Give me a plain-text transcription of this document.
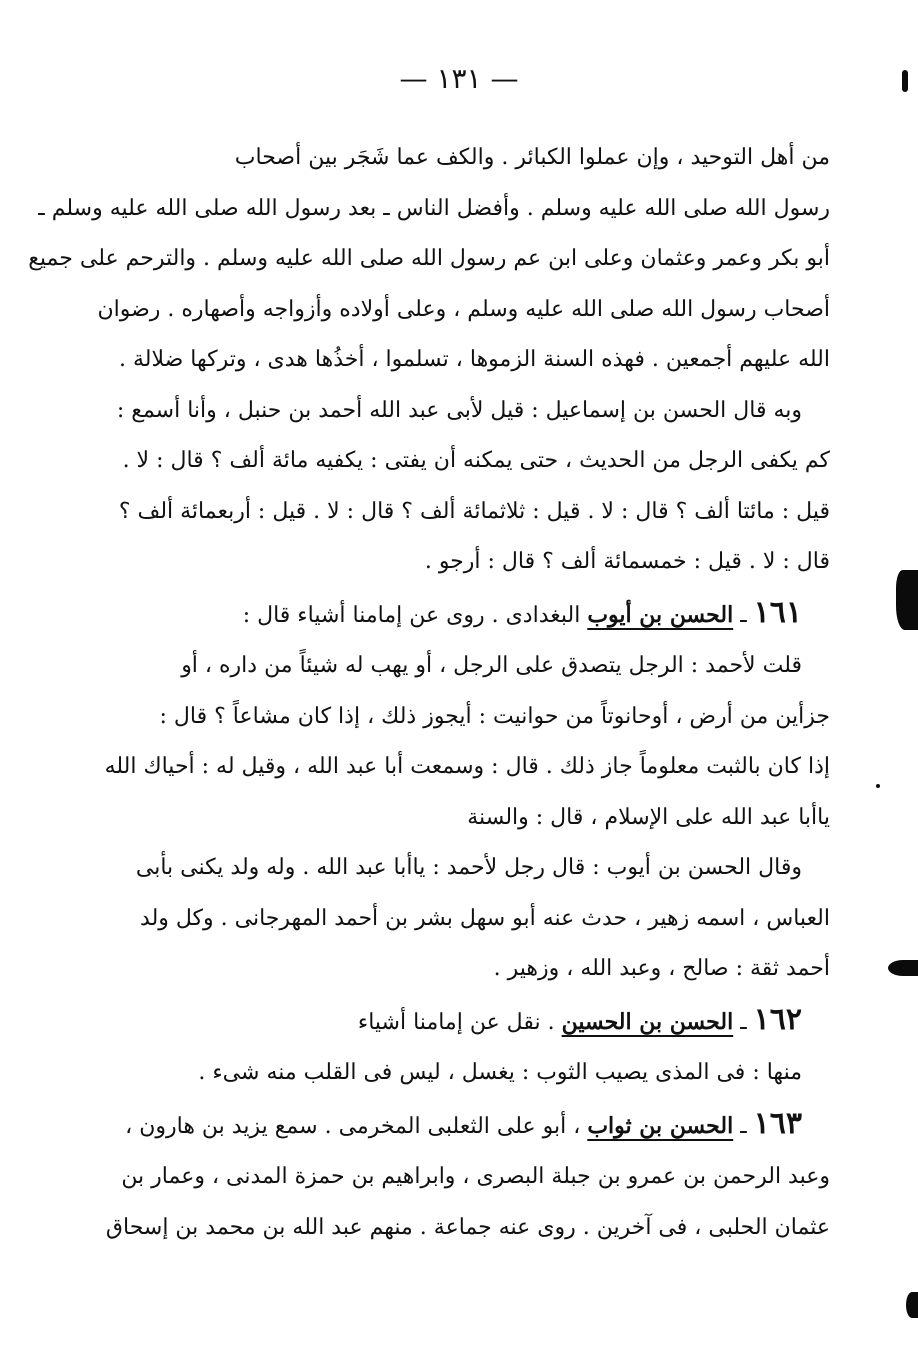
— ١٣١ —
من أهل التوحيد ، وإن عملوا الكبائر . والكف عما شَجَر بين أصحاب
رسول الله صلى الله عليه وسلم . وأفضل الناس ـ بعد رسول الله صلى الله عليه وسلم ـ
أبو بكر وعمر وعثمان وعلى ابن عم رسول الله صلى الله عليه وسلم . والترحم على جميع
أصحاب رسول الله صلى الله عليه وسلم ، وعلى أولاده وأزواجه وأصهاره . رضوان
الله عليهم أجمعين . فهذه السنة الزموها ، تسلموا ، أخذُها هدى ، وتركها ضلالة .
وبه قال الحسن بن إسماعيل : قيل لأبى عبد الله أحمد بن حنبل ، وأنا أسمع :
كم يكفى الرجل من الحديث ، حتى يمكنه أن يفتى : يكفيه مائة ألف ؟ قال : لا .
قيل : مائتا ألف ؟ قال : لا . قيل : ثلاثمائة ألف ؟ قال : لا . قيل : أربعمائة ألف ؟
قال : لا . قيل : خمسمائة ألف ؟ قال : أرجو .
١٦١ ـ الحسن بن أيوب البغدادى . روى عن إمامنا أشياء قال :
قلت لأحمد : الرجل يتصدق على الرجل ، أو يهب له شيئاً من داره ، أو
جزأين من أرض ، أوحانوتاً من حوانيت : أيجوز ذلك ، إذا كان مشاعاً ؟ قال :
إذا كان بالثبت معلوماً جاز ذلك . قال : وسمعت أبا عبد الله ، وقيل له : أحياك الله
ياأبا عبد الله على الإسلام ، قال : والسنة
وقال الحسن بن أيوب : قال رجل لأحمد : ياأبا عبد الله . وله ولد يكنى بأبى
العباس ، اسمه زهير ، حدث عنه أبو سهل بشر بن أحمد المهرجانى . وكل ولد
أحمد ثقة : صالح ، وعبد الله ، وزهير .
١٦٢ ـ الحسن بن الحسين . نقل عن إمامنا أشياء
منها : فى المذى يصيب الثوب : يغسل ، ليس فى القلب منه شىء .
١٦٣ ـ الحسن بن ثواب ، أبو على الثعلبى المخرمى . سمع يزيد بن هارون ،
وعبد الرحمن بن عمرو بن جبلة البصرى ، وابراهيم بن حمزة المدنى ، وعمار بن
عثمان الحلبى ، فى آخرين . روى عنه جماعة . منهم عبد الله بن محمد بن إسحاق
